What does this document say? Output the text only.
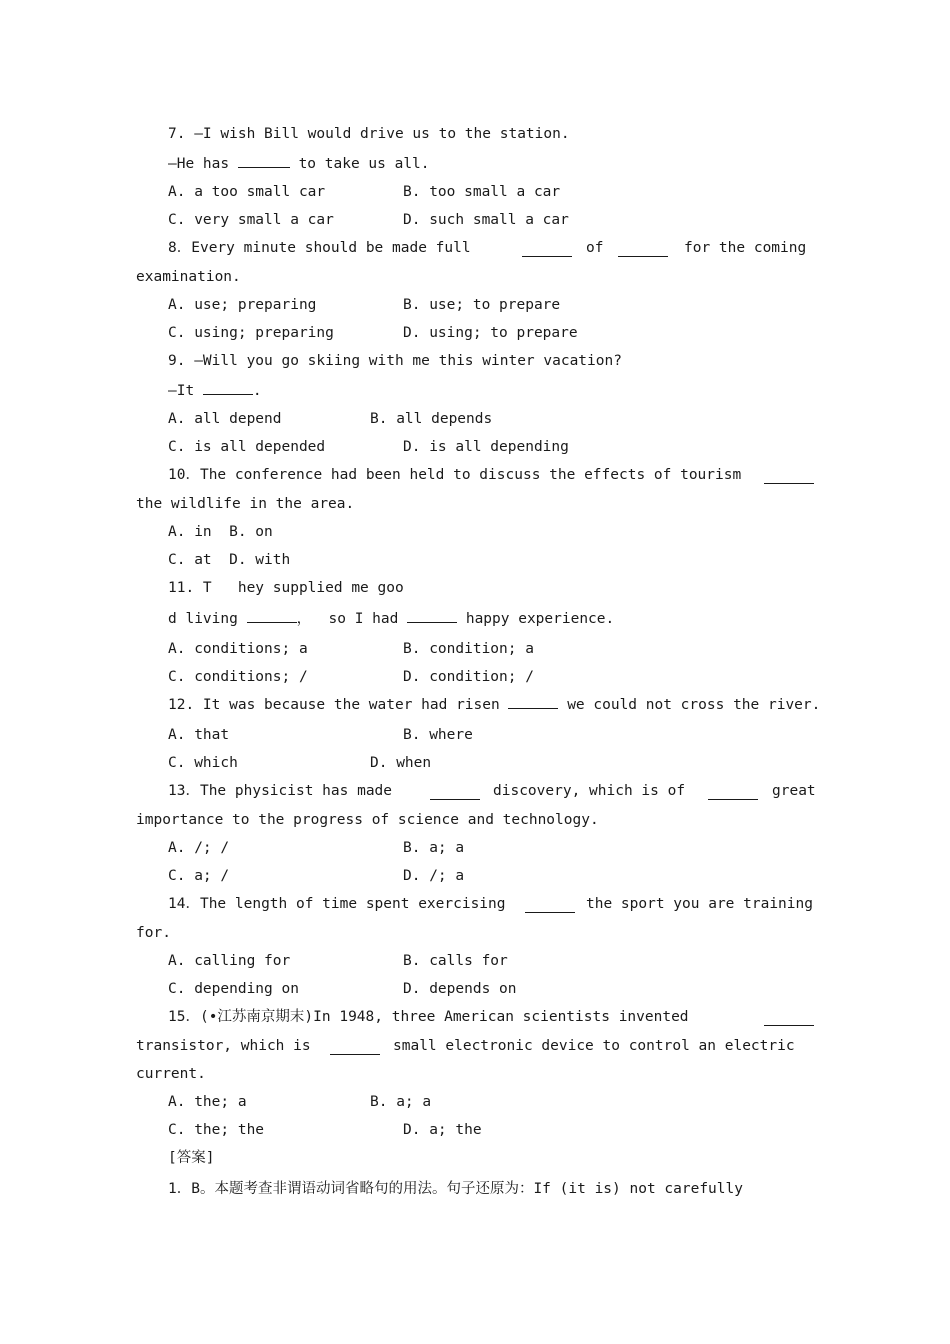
7. —I wish Bill would drive us to the station.
—He has	to take us all.
A. a too small car	B. too small a car
C. very small a car	D. such small a car
8．Every minute should be made full	of	for the coming
examination.
A. use; preparing	B. use; to prepare
C. using; preparing	D. using; to prepare
9. —Will you go skiing with me this winter vacation?
—It	.
A. all depend	B. all depends
C. is all depended	D. is all depending
10．The conference had been held to discuss the effects of tourism
the wildlife in the area.
A. in  B. on
C. at  D. with
11. T   hey supplied me goo
d living	，  so I had	happy experience.
A. conditions; a	B. condition; a
C. conditions; /	D. condition; /
12. It was because the water had risen	we could not cross the river.
A. that	B. where
C. which	D. when
13．The physicist has made	discovery, which is of	great
importance to the progress of science and technology.
A. /; /	B. a; a
C. a; /	D. /; a
14．The length of time spent exercising	the sport you are training
for.
A. calling for	B. calls for
C. depending on	D. depends on
15．(•江苏南京期末)In 1948, three American scientists invented
transistor, which is	small electronic device to control an electric
current.
A. the; a	B. a; a
C. the; the	D. a; the
[答案]
1．B。本题考查非谓语动词省略句的用法。句子还原为：If (it is) not carefully
